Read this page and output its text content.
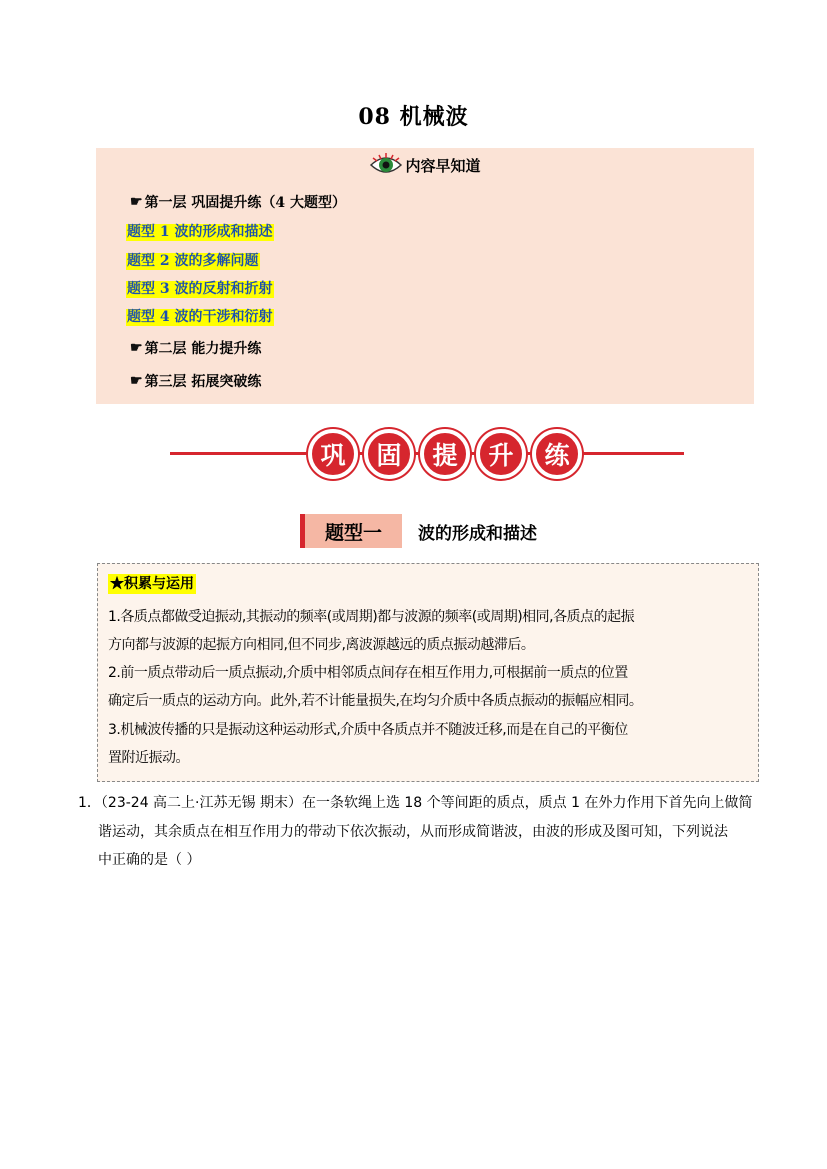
08 机械波
内容早知道
☛ 第一层 巩固提升练（4 大题型）
题型 1 波的形成和描述
题型 2 波的多解问题
题型 3 波的反射和折射
题型 4 波的干涉和衍射
☛ 第二层 能力提升练
☛ 第三层 拓展突破练
巩	固	提	升	练
题型一	波的形成和描述
★积累与运用
1.各质点都做受迫振动,其振动的频率(或周期)都与波源的频率(或周期)相同,各质点的起振
方向都与波源的起振方向相同,但不同步,离波源越远的质点振动越滞后。
2.前一质点带动后一质点振动,介质中相邻质点间存在相互作用力,可根据前一质点的位置
确定后一质点的运动方向。此外,若不计能量损失,在均匀介质中各质点振动的振幅应相同。
3.机械波传播的只是振动这种运动形式,介质中各质点并不随波迁移,而是在自己的平衡位
置附近振动。
1．（23-24 高二上·江苏无锡 期末）在一条软绳上选 18 个等间距的质点，质点 1 在外力作用下首先向上做简
谐运动，其余质点在相互作用力的带动下依次振动，从而形成简谐波，由波的形成及图可知，下列说法
中正确的是（ ）
